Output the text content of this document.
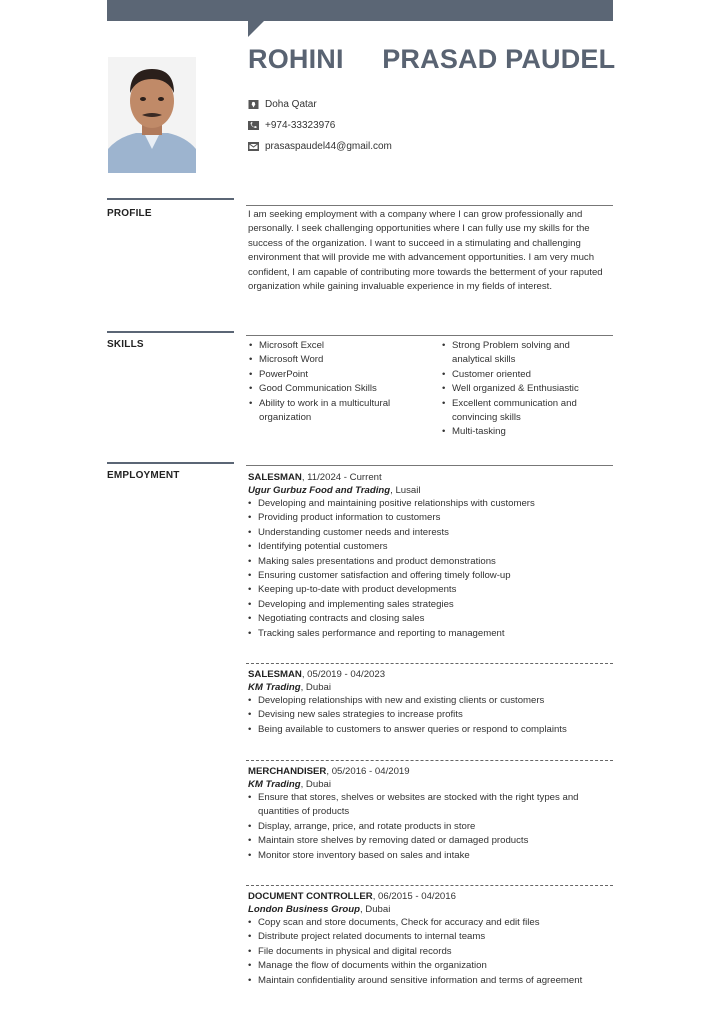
ROHINI PRASAD PAUDEL
Doha Qatar
+974-33323976
prasaspaudel44@gmail.com
PROFILE	I am seeking employment with a company where I can grow professionally and personally. I seek challenging opportunities where I can fully use my skills for the success of the organization. I want to succeed in a stimulating and challenging environment that will provide me with advancement opportunities. I am very much confident, I am capable of contributing more towards the betterment of your raputed organization while gaining invaluable experience in my fields of interest.
SKILLS
•	Microsoft Excel
• Microsoft Word
• PowerPoint
• Good Communication Skills
• Ability to work in a multicultural organization
• Strong Problem solving and analytical skills
• Customer oriented
• Well organized & Enthusiastic
• Excellent communication and convincing skills
• Multi-tasking
EMPLOYMENT	SALESMAN, 11/2024 - Current
Ugur Gurbuz Food and Trading, Lusail
• Developing and maintaining positive relationships with customers
• Providing product information to customers
• Understanding customer needs and interests
• Identifying potential customers
• Making sales presentations and product demonstrations
• Ensuring customer satisfaction and offering timely follow-up
• Keeping up-to-date with product developments
• Developing and implementing sales strategies
• Negotiating contracts and closing sales
• Tracking sales performance and reporting to management
SALESMAN, 05/2019 - 04/2023
KM Trading, Dubai
• Developing relationships with new and existing clients or customers
• Devising new sales strategies to increase profits
• Being available to customers to answer queries or respond to complaints
MERCHANDISER, 05/2016 - 04/2019
KM Trading, Dubai
• Ensure that stores, shelves or websites are stocked with the right types and quantities of products
• Display, arrange, price, and rotate products in store
• Maintain store shelves by removing dated or damaged products
• Monitor store inventory based on sales and intake
DOCUMENT CONTROLLER, 06/2015 - 04/2016
London Business Group, Dubai
• Copy scan and store documents, Check for accuracy and edit files
• Distribute project related documents to internal teams
• File documents in physical and digital records
• Manage the flow of documents within the organization
• Maintain confidentiality around sensitive information and terms of agreement
